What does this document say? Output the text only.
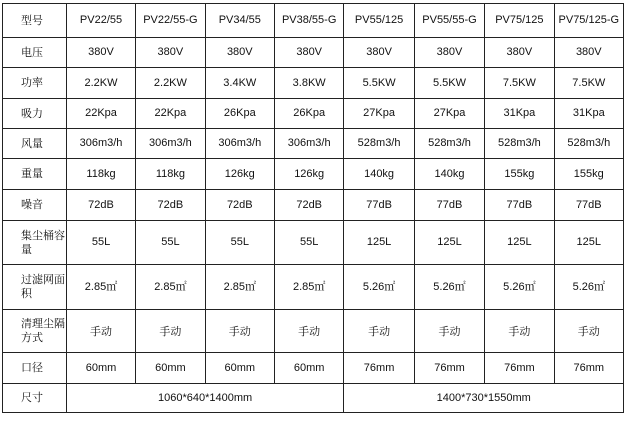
型号	PV22/55	PV22/55-G	PV34/55	PV38/55-G	PV55/125	PV55/55-G	PV75/125	PV75/125-G
电压	380V	380V	380V	380V	380V	380V	380V	380V
功率	2.2KW	2.2KW	3.4KW	3.8KW	5.5KW	5.5KW	7.5KW	7.5KW
吸力	22Kpa	22Kpa	26Kpa	26Kpa	27Kpa	27Kpa	31Kpa	31Kpa
风量	306m3/h	306m3/h	306m3/h	306m3/h	528m3/h	528m3/h	528m3/h	528m3/h
重量	118kg	118kg	126kg	126kg	140kg	140kg	155kg	155kg
噪音	72dB	72dB	72dB	72dB	77dB	77dB	77dB	77dB
集尘桶容量	55L	55L	55L	55L	125L	125L	125L	125L
过滤网面积	2.85㎡	2.85㎡	2.85㎡	2.85㎡	5.26㎡	5.26㎡	5.26㎡	5.26㎡
清理尘隔方式	手动	手动	手动	手动	手动	手动	手动	手动
口径	60mm	60mm	60mm	60mm	76mm	76mm	76mm	76mm
尺寸	1060*640*1400mm				1400*730*1550mm			
